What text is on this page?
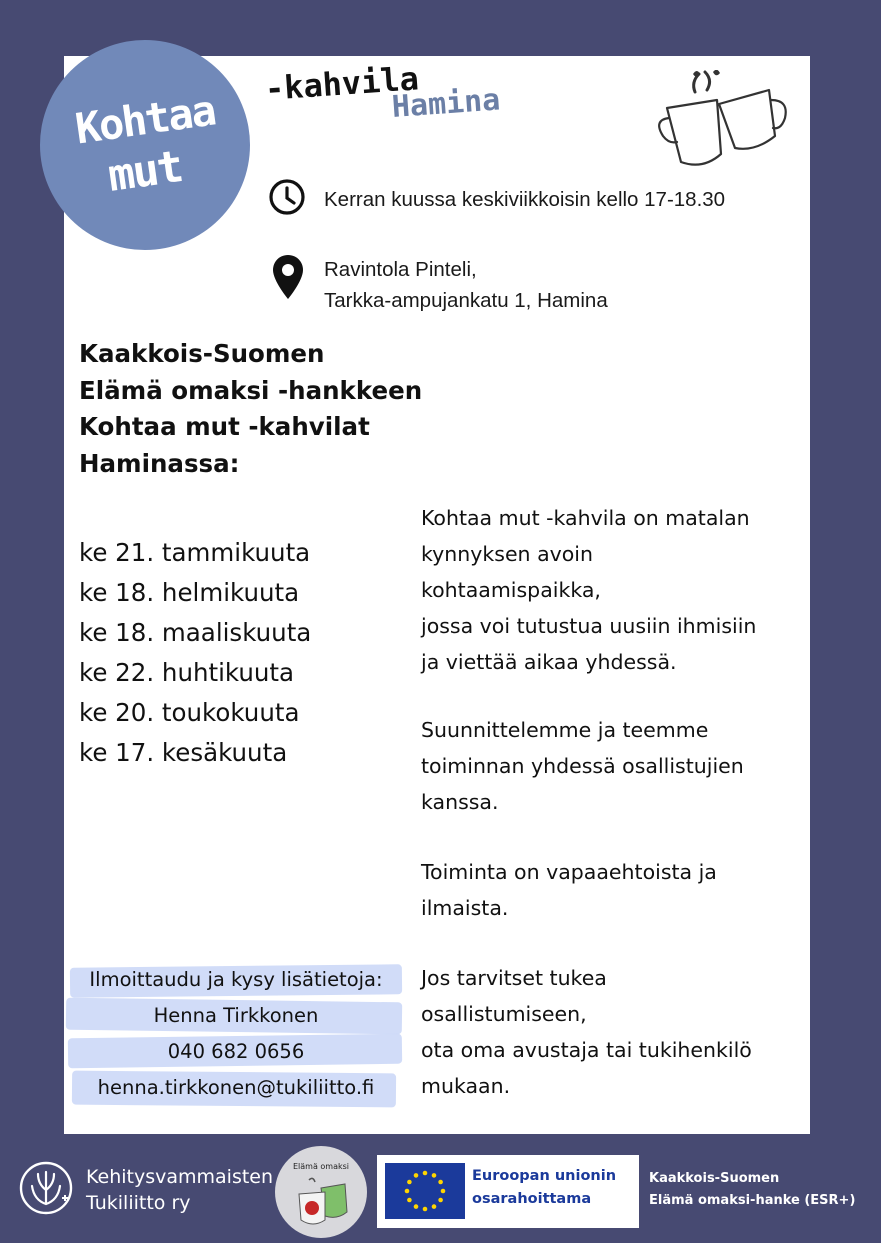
Kohtaa
mut
-kahvila
Hamina
Kerran kuussa keskiviikkoisin kello 17-18.30
Ravintola Pinteli,
Tarkka-ampujankatu 1, Hamina
Kaakkois-Suomen
Elämä omaksi -hankkeen
Kohtaa mut -kahvilat
Haminassa:
ke 21. tammikuuta
ke 18. helmikuuta
ke 18. maaliskuuta
ke 22. huhtikuuta
ke 20. toukokuuta
ke 17. kesäkuuta
Kohtaa mut -kahvila on matalan
kynnyksen avoin
kohtaamispaikka,
jossa voi tutustua uusiin ihmisiin
ja viettää aikaa yhdessä.
Suunnittelemme ja teemme
toiminnan yhdessä osallistujien
kanssa.
Toiminta on vapaaehtoista ja
ilmaista.
Jos tarvitset tukea
osallistumiseen,
ota oma avustaja tai tukihenkilö
mukaan.
Ilmoittaudu ja kysy lisätietoja:
Henna Tirkkonen
040 682 0656
henna.tirkkonen@tukiliitto.fi
Kehitysvammaisten
Tukiliitto ry
Elämä omaksi
Euroopan unionin
osarahoittama
Kaakkois-Suomen
Elämä omaksi-hanke (ESR+)
